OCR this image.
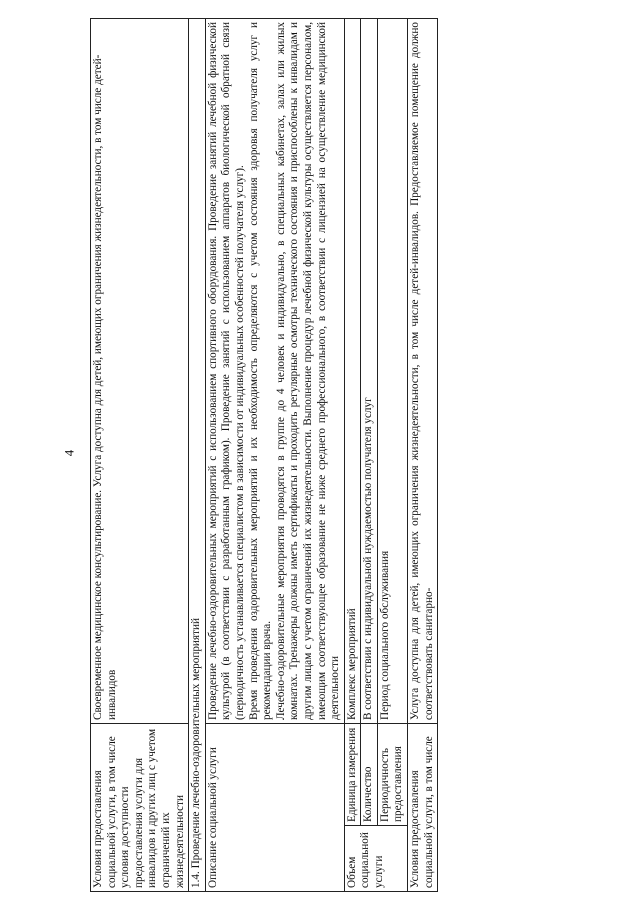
4
Условия предоставления социальной услуги, в том числе условия доступности предоставления услуги для инвалидов и других лиц с учетом ограничений их жизнедеятельности		Своевременное медицинское консультирование. Услуга доступна для детей, имеющих ограничения жизнедеятельности, в том числе детей-инвалидов
1.4. Проведение лечебно-оздоровительных мероприятий		
Описание социальной услуги		Проведение лечебно-оздоровительных мероприятий с использованием спортивного оборудования. Проведение занятий лечебной физической культурой (в соответствии с разработанным графиком). Проведение занятий с использованием аппаратов биологической обратной связи (периодичность устанавливается специалистом в зависимости от индивидуальных особенностей получателя услуг). Время проведения оздоровительных мероприятий и их необходимость определяются с учетом состояния здоровья получателя услуг и рекомендации врача. Лечебно-оздоровительные мероприятия проводятся в группе до 4 человек и индивидуально, в специальных кабинетах, залах или жилых комнатах. Тренажеры должны иметь сертификаты и проходить регулярные осмотры технического состояния и приспособлены к инвалидам и другим лицам с учетом ограничений их жизнедеятельности. Выполнение процедур лечебной физической культуры осуществляется персоналом, имеющим соответствующее образование не ниже среднего профессионального, в соответствии с лицензией на осуществление медицинской деятельности

Объем социальной услуги	Единица измерения	Комплекс мероприятий
	Количество	В соответствии с индивидуальной нуждаемостью получателя услуг
	Периодичность предоставления	Период социального обслуживания
Условия предоставления социальной услуги, в том числе		Услуга доступна для детей, имеющих ограничения жизнедеятельности, в том числе детей-инвалидов. Предоставляемое помещение должно соответствовать санитарно-
